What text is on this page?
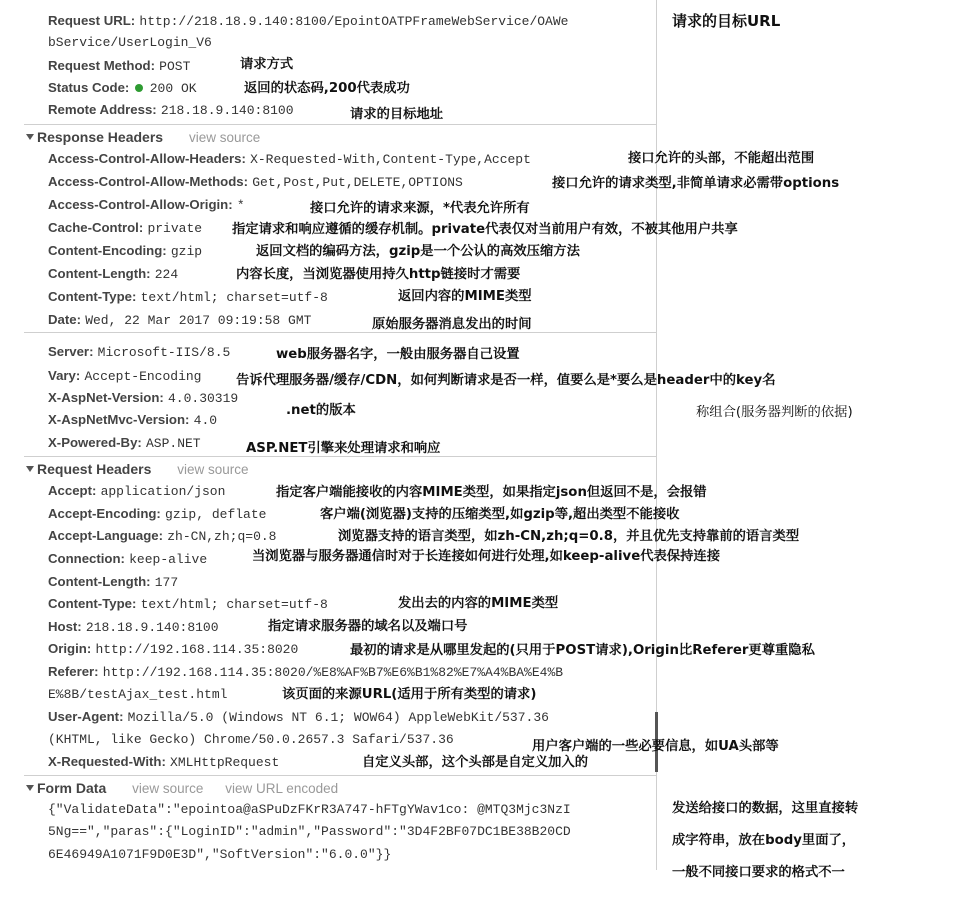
Request URL: http://218.18.9.140:8100/EpointOATPFrameWebService/OAWe
bService/UserLogin_V6
Request Method: POST
Status Code: 200 OK
Remote Address: 218.18.9.140:8100
Response Headers view source
Access-Control-Allow-Headers: X-Requested-With,Content-Type,Accept
Access-Control-Allow-Methods: Get,Post,Put,DELETE,OPTIONS
Access-Control-Allow-Origin: *
Cache-Control: private
Content-Encoding: gzip
Content-Length: 224
Content-Type: text/html; charset=utf-8
Date: Wed, 22 Mar 2017 09:19:58 GMT
Server: Microsoft-IIS/8.5
Vary: Accept-Encoding
X-AspNet-Version: 4.0.30319
X-AspNetMvc-Version: 4.0
X-Powered-By: ASP.NET
Request Headers view source
Accept: application/json
Accept-Encoding: gzip, deflate
Accept-Language: zh-CN,zh;q=0.8
Connection: keep-alive
Content-Length: 177
Content-Type: text/html; charset=utf-8
Host: 218.18.9.140:8100
Origin: http://192.168.114.35:8020
Referer: http://192.168.114.35:8020/%E8%AF%B7%E6%B1%82%E7%A4%BA%E4%B
E%8B/testAjax_test.html
User-Agent: Mozilla/5.0 (Windows NT 6.1; WOW64) AppleWebKit/537.36
(KHTML, like Gecko) Chrome/50.0.2657.3 Safari/537.36
X-Requested-With: XMLHttpRequest
Form Data view source view URL encoded
{"ValidateData":"epointoa@aSPuDzFKrR3A747-hFTgYWav1co: @MTQ3Mjc3NzI
5Ng==","paras":{"LoginID":"admin","Password":"3D4F2BF07DC1BE38B20CD
6E46949A1071F9D0E3D","SoftVersion":"6.0.0"}}
请求的目标URL
请求方式
返回的状态码,200代表成功
请求的目标地址
接口允许的头部，不能超出范围
接口允许的请求类型,非简单请求必需带options
接口允许的请求来源，*代表允许所有
指定请求和响应遵循的缓存机制。private代表仅对当前用户有效，不被其他用户共享
返回文档的编码方法，gzip是一个公认的高效压缩方法
内容长度，当浏览器使用持久http链接时才需要
返回内容的MIME类型
原始服务器消息发出的时间
web服务器名字，一般由服务器自己设置
告诉代理服务器/缓存/CDN，如何判断请求是否一样，值要么是*要么是header中的key名
称组合(服务器判断的依据)
.net的版本
ASP.NET引擎来处理请求和响应
指定客户端能接收的内容MIME类型，如果指定json但返回不是，会报错
客户端(浏览器)支持的压缩类型,如gzip等,超出类型不能接收
浏览器支持的语言类型，如zh-CN,zh;q=0.8，并且优先支持靠前的语言类型
当浏览器与服务器通信时对于长连接如何进行处理,如keep-alive代表保持连接
发出去的内容的MIME类型
指定请求服务器的域名以及端口号
最初的请求是从哪里发起的(只用于POST请求),Origin比Referer更尊重隐私
该页面的来源URL(适用于所有类型的请求)
用户客户端的一些必要信息，如UA头部等
自定义头部，这个头部是自定义加入的
发送给接口的数据，这里直接转
成字符串，放在body里面了，
一般不同接口要求的格式不一
